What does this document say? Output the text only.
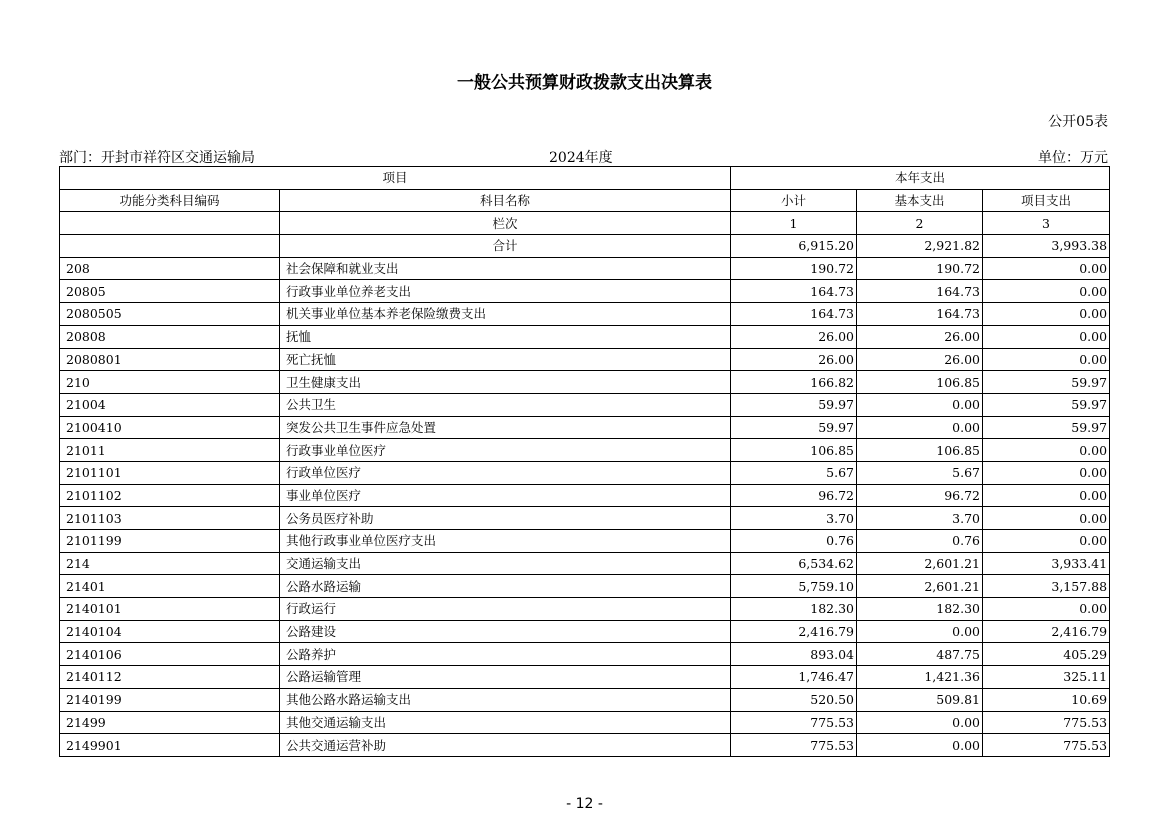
一般公共预算财政拨款支出决算表
公开05表
部门：开封市祥符区交通运输局	2024年度	单位：万元
项目		本年支出		
功能分类科目编码	科目名称	小计	基本支出	项目支出
	栏次	1	2	3
	合计	6,915.20	2,921.82	3,993.38
208	社会保障和就业支出	190.72	190.72	0.00
20805	行政事业单位养老支出	164.73	164.73	0.00
2080505	机关事业单位基本养老保险缴费支出	164.73	164.73	0.00
20808	抚恤	26.00	26.00	0.00
2080801	死亡抚恤	26.00	26.00	0.00
210	卫生健康支出	166.82	106.85	59.97
21004	公共卫生	59.97	0.00	59.97
2100410	突发公共卫生事件应急处置	59.97	0.00	59.97
21011	行政事业单位医疗	106.85	106.85	0.00
2101101	行政单位医疗	5.67	5.67	0.00
2101102	事业单位医疗	96.72	96.72	0.00
2101103	公务员医疗补助	3.70	3.70	0.00
2101199	其他行政事业单位医疗支出	0.76	0.76	0.00
214	交通运输支出	6,534.62	2,601.21	3,933.41
21401	公路水路运输	5,759.10	2,601.21	3,157.88
2140101	行政运行	182.30	182.30	0.00
2140104	公路建设	2,416.79	0.00	2,416.79
2140106	公路养护	893.04	487.75	405.29
2140112	公路运输管理	1,746.47	1,421.36	325.11
2140199	其他公路水路运输支出	520.50	509.81	10.69
21499	其他交通运输支出	775.53	0.00	775.53
2149901	公共交通运营补助	775.53	0.00	775.53
- 12 -
